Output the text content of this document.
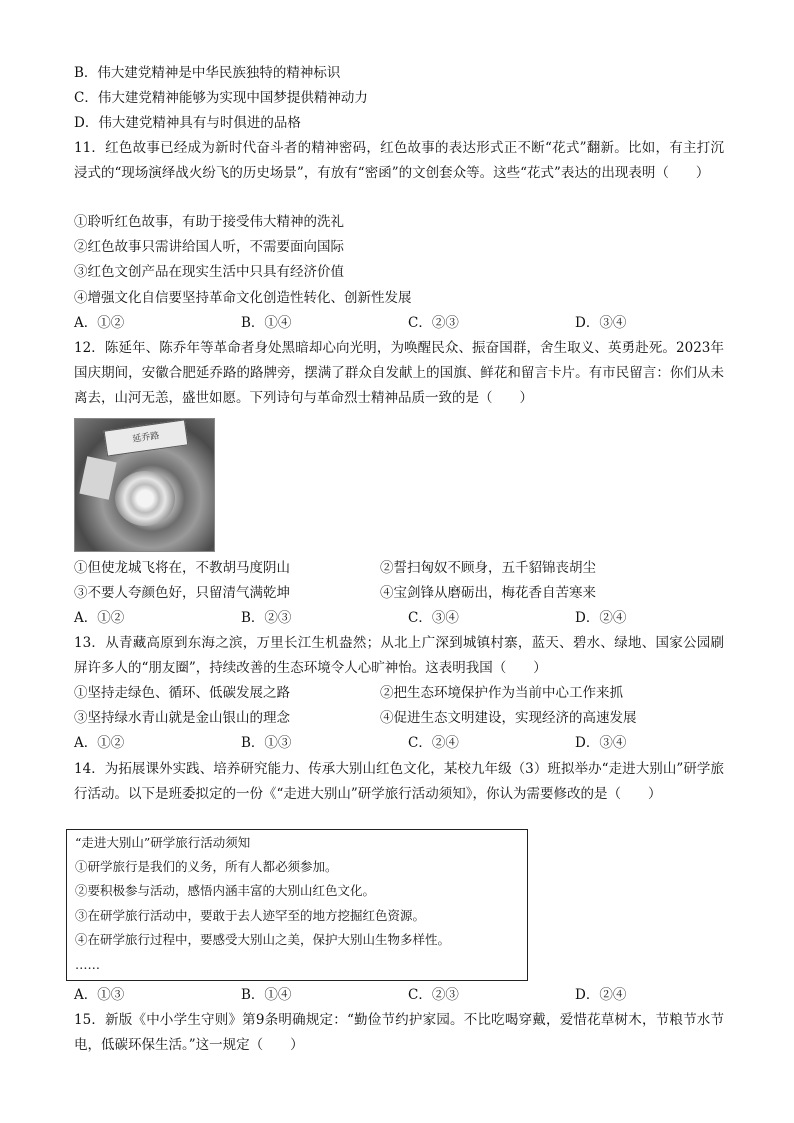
B．伟大建党精神是中华民族独特的精神标识
C．伟大建党精神能够为实现中国梦提供精神动力
D．伟大建党精神具有与时俱进的品格
11．红色故事已经成为新时代奋斗者的精神密码，红色故事的表达形式正不断“花式”翻新。比如，有主打沉浸式的“现场演绎战火纷飞的历史场景”，有放有“密函”的文创套众等。这些“花式”表达的出现表明（　　）
①聆听红色故事，有助于接受伟大精神的洗礼
②红色故事只需讲给国人听，不需要面向国际
③红色文创产品在现实生活中只具有经济价值
④增强文化自信要坚持革命文化创造性转化、创新性发展
A．①②	B．①④	C．②③	D．③④
12．陈延年、陈乔年等革命者身处黑暗却心向光明，为唤醒民众、振奋国群，舍生取义、英勇赴死。2023年国庆期间，安徽合肥延乔路的路牌旁，摆满了群众自发献上的国旗、鲜花和留言卡片。有市民留言：你们从未离去，山河无恙，盛世如愿。下列诗句与革命烈士精神品质一致的是（　　）
延乔路
①但使龙城飞将在，不教胡马度阴山	②誓扫匈奴不顾身，五千貂锦丧胡尘
③不要人夸颜色好，只留清气满乾坤	④宝剑锋从磨砺出，梅花香自苦寒来
A．①②	B．②③	C．③④	D．②④
13．从青藏高原到东海之滨，万里长江生机盎然；从北上广深到城镇村寨，蓝天、碧水、绿地、国家公园刷屏许多人的“朋友圈”，持续改善的生态环境令人心旷神怡。这表明我国（　　）
①坚持走绿色、循环、低碳发展之路	②把生态环境保护作为当前中心工作来抓
③坚持绿水青山就是金山银山的理念	④促进生态文明建设，实现经济的高速发展
A．①②	B．①③	C．②④	D．③④
14．为拓展课外实践、培养研究能力、传承大别山红色文化，某校九年级（3）班拟举办“走进大别山”研学旅行活动。以下是班委拟定的一份《“走进大别山”研学旅行活动须知》，你认为需要修改的是（　　）
“走进大别山”研学旅行活动须知
①研学旅行是我们的义务，所有人都必须参加。
②要积极参与活动，感悟内涵丰富的大别山红色文化。
③在研学旅行活动中，要敢于去人迹罕至的地方挖掘红色资源。
④在研学旅行过程中，要感受大别山之美，保护大别山生物多样性。
……
A．①③	B．①④	C．②③	D．②④
15．新版《中小学生守则》第9条明确规定：“勤俭节约护家园。不比吃喝穿戴，爱惜花草树木，节粮节水节电，低碳环保生活。”这一规定（　　）
